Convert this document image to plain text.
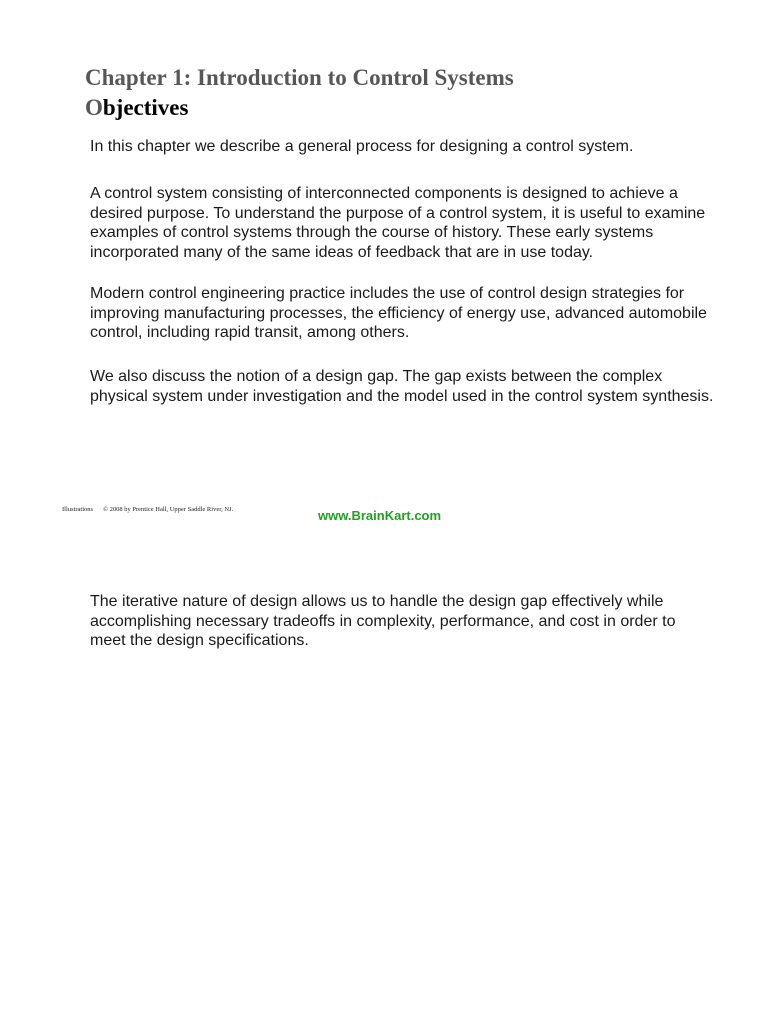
Chapter 1: Introduction to Control Systems
Objectives

In this chapter we describe a general process for designing a control system.

A control system consisting of interconnected components is designed to achieve a desired purpose. To understand the purpose of a control system, it is useful to examine examples of control systems through the course of history. These early systems incorporated many of the same ideas of feedback that are in use today.

Modern control engineering practice includes the use of control design strategies for improving manufacturing processes, the efficiency of energy use, advanced automobile control, including rapid transit, among others.

We also discuss the notion of a design gap. The gap exists between the complex physical system under investigation and the model used in the control system synthesis.

Illustrations © 2008 by Prentice Hall, Upper Saddle River, NJ.	www.BrainKart.com

The iterative nature of design allows us to handle the design gap effectively while accomplishing necessary tradeoffs in complexity, performance, and cost in order to meet the design specifications.
